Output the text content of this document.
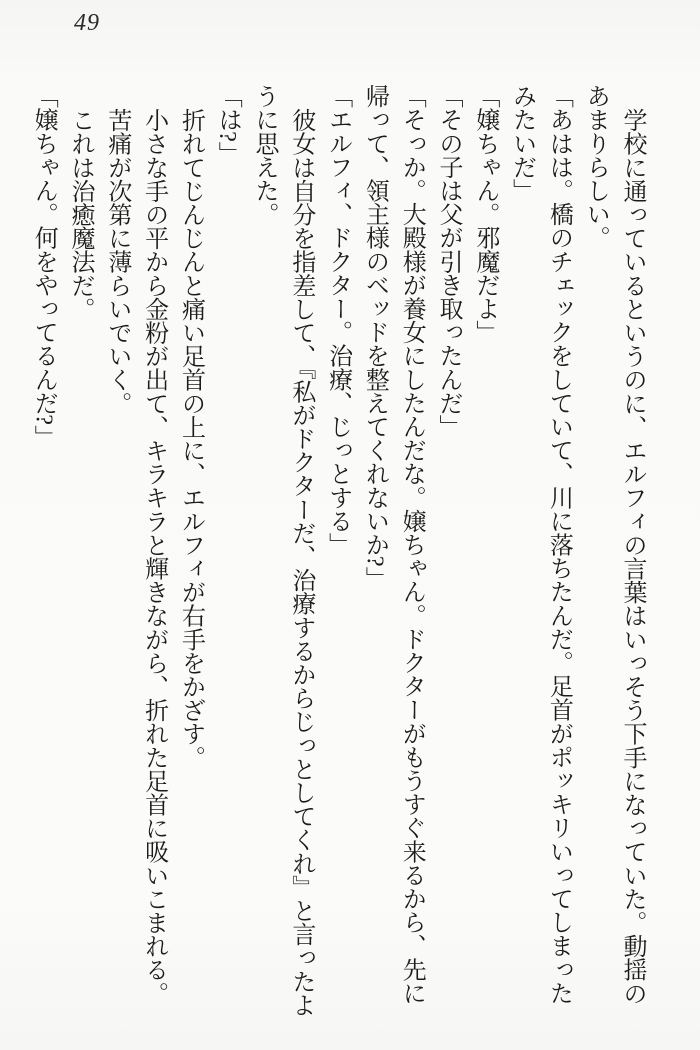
49

学校に通っているというのに、エルフィの言葉はいっそう下手になっていた。動揺のあまりらしい。

「あはは。橋のチェックをしていて、川に落ちたんだ。足首がポッキリいってしまったみたいだ」

「嬢ちゃん。邪魔だよ」

「その子は父が引き取ったんだ」

「そっか。大殿様が養女にしたんだな。嬢ちゃん。ドクターがもうすぐ来るから、先に帰って、領主様のベッドを整えてくれないか?」

「エルフィ、ドクター。治療、じっとする」

彼女は自分を指差して、『私がドクターだ、治療するからじっとしてくれ』と言ったように思えた。

「は?」

折れてじんじんと痛い足首の上に、エルフィが右手をかざす。

小さな手の平から金粉が出て、キラキラと輝きながら、折れた足首に吸いこまれる。

苦痛が次第に薄らいでいく。

これは治癒魔法だ。

「嬢ちゃん。何をやってるんだ?」
